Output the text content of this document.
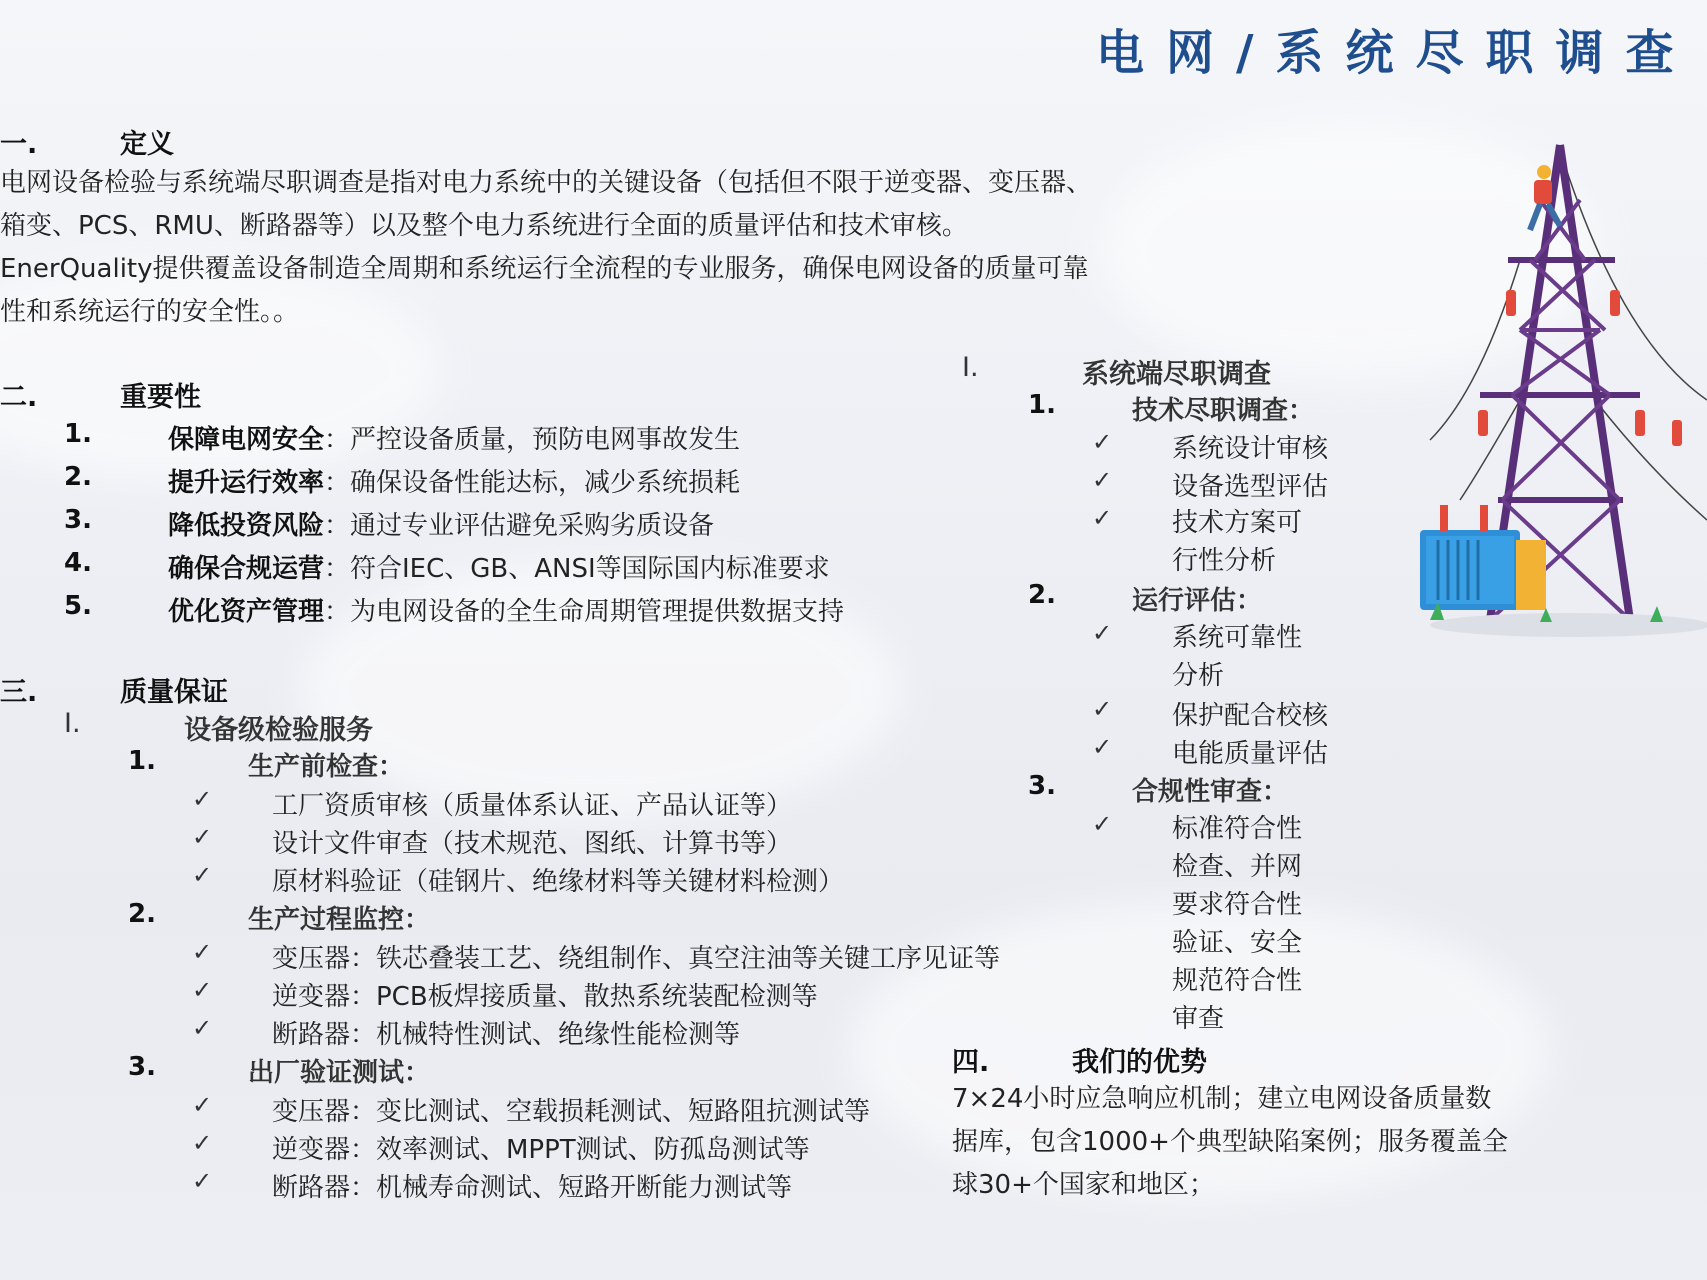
电网/系统尽职调查
一.	定义
电网设备检验与系统端尽职调查是指对电力系统中的关键设备（包括但不限于逆变器、变压器、
箱变、PCS、RMU、断路器等）以及整个电力系统进行全面的质量评估和技术审核。
EnerQuality提供覆盖设备制造全周期和系统运行全流程的专业服务，确保电网设备的质量可靠
性和系统运行的安全性。。
二.	重要性
1.	保障电网安全：严控设备质量，预防电网事故发生
2.	提升运行效率：确保设备性能达标，减少系统损耗
3.	降低投资风险：通过专业评估避免采购劣质设备
4.	确保合规运营：符合IEC、GB、ANSI等国际国内标准要求
5.	优化资产管理：为电网设备的全生命周期管理提供数据支持
三.	质量保证
I.	设备级检验服务
1.	生产前检查：
✓ 工厂资质审核（质量体系认证、产品认证等）
✓ 设计文件审查（技术规范、图纸、计算书等）
✓ 原材料验证（硅钢片、绝缘材料等关键材料检测）
2.	生产过程监控：
✓ 变压器：铁芯叠装工艺、绕组制作、真空注油等关键工序见证等
✓ 逆变器：PCB板焊接质量、散热系统装配检测等
✓ 断路器：机械特性测试、绝缘性能检测等
3.	出厂验证测试：
✓ 变压器：变比测试、空载损耗测试、短路阻抗测试等
✓ 逆变器：效率测试、MPPT测试、防孤岛测试等
✓ 断路器：机械寿命测试、短路开断能力测试等
I.	系统端尽职调查
1.	技术尽职调查：
✓ 系统设计审核
✓ 设备选型评估
✓ 技术方案可行性分析
2.	运行评估：
✓ 系统可靠性分析
✓ 保护配合校核
✓ 电能质量评估
3.	合规性审查：
✓ 标准符合性检查、并网要求符合性验证、安全规范符合性审查
四.	我们的优势
7×24小时应急响应机制；建立电网设备质量数
据库，包含1000+个典型缺陷案例；服务覆盖全
球30+个国家和地区；
